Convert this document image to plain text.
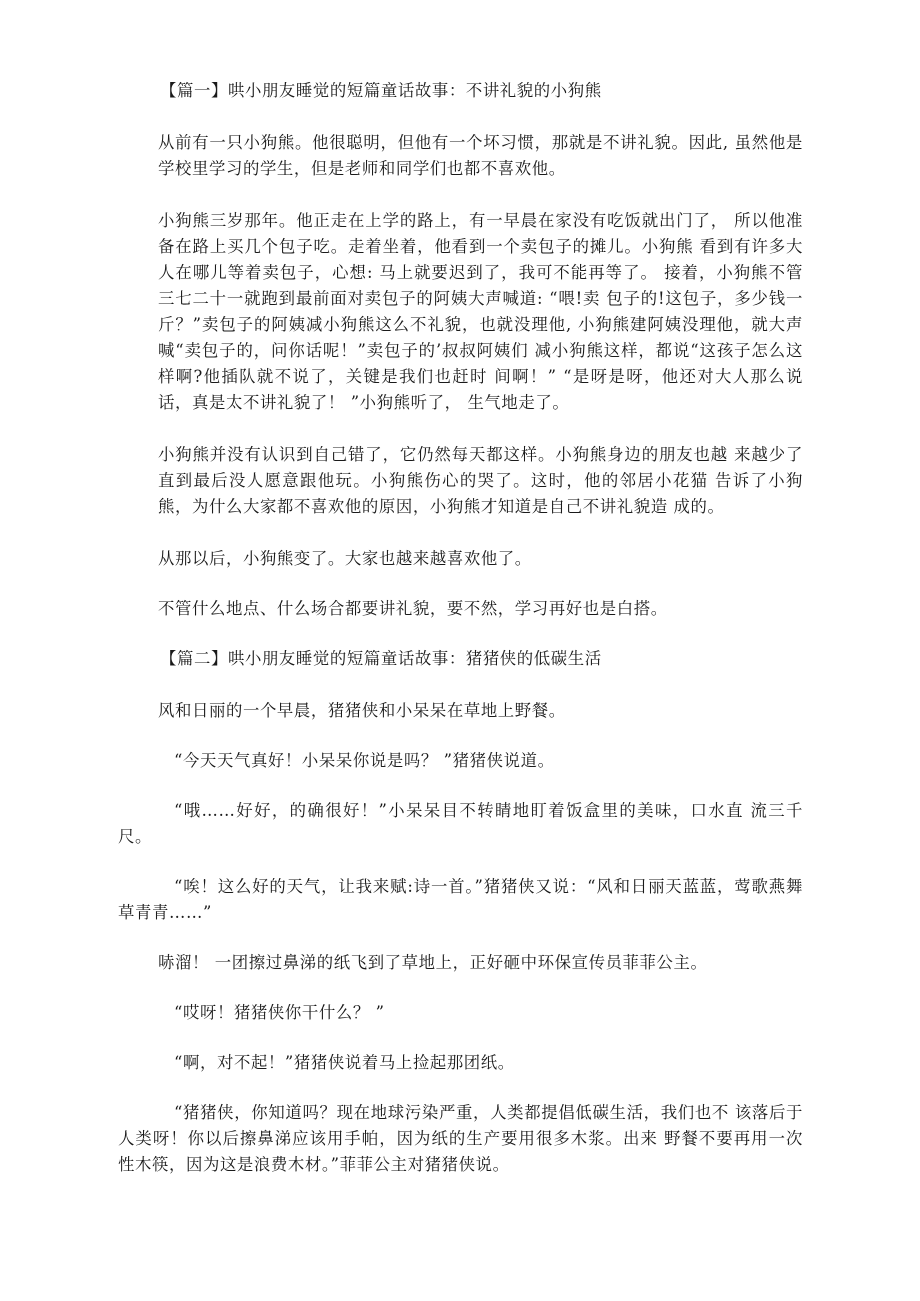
【篇一】哄小朋友睡觉的短篇童话故事：不讲礼貌的小狗熊

从前有一只小狗熊。他很聪明，但他有一个坏习惯，那就是不讲礼貌。因此, 虽然他是学校里学习的学生，但是老师和同学们也都不喜欢他。

小狗熊三岁那年。他正走在上学的路上，有一早晨在家没有吃饭就出门了， 所以他准备在路上买几个包子吃。走着坐着，他看到一个卖包子的摊儿。小狗熊 看到有许多大人在哪儿等着卖包子，心想: 马上就要迟到了，我可不能再等了。 接着，小狗熊不管三七二十一就跑到最前面对卖包子的阿姨大声喊道: “喂!卖 包子的!这包子，多少钱一斤？”卖包子的阿姨减小狗熊这么不礼貌，也就没理他, 小狗熊建阿姨没理他，就大声喊“卖包子的，问你话呢！”卖包子的’叔叔阿姨们 减小狗熊这样，都说“这孩子怎么这样啊?他插队就不说了，关键是我们也赶时 间啊！” “是呀是呀，他还对大人那么说话，真是太不讲礼貌了！ ”小狗熊听了， 生气地走了。

小狗熊并没有认识到自己错了，它仍然每天都这样。小狗熊身边的朋友也越 来越少了直到最后没人愿意跟他玩。小狗熊伤心的哭了。这时，他的邻居小花猫 告诉了小狗熊，为什么大家都不喜欢他的原因，小狗熊才知道是自己不讲礼貌造 成的。

从那以后，小狗熊变了。大家也越来越喜欢他了。

不管什么地点、什么场合都要讲礼貌，要不然，学习再好也是白搭。

【篇二】哄小朋友睡觉的短篇童话故事：猪猪侠的低碳生活

风和日丽的一个早晨，猪猪侠和小呆呆在草地上野餐。

“今天天气真好！小呆呆你说是吗？ ”猪猪侠说道。

“哦……好好，的确很好！”小呆呆目不转睛地盯着饭盒里的美味，口水直 流三千尺。

“唉！这么好的天气，让我来赋:诗一首。”猪猪侠又说：“风和日丽天蓝蓝，莺歌燕舞草青青……”

哧溜！ 一团擦过鼻涕的纸飞到了草地上，正好砸中环保宣传员菲菲公主。

“哎呀！猪猪侠你干什么？ ”

“啊，对不起！”猪猪侠说着马上捡起那团纸。

“猪猪侠，你知道吗？现在地球污染严重，人类都提倡低碳生活，我们也不 该落后于人类呀！你以后擦鼻涕应该用手帕，因为纸的生产要用很多木浆。出来 野餐不要再用一次性木筷，因为这是浪费木材。”菲菲公主对猪猪侠说。
